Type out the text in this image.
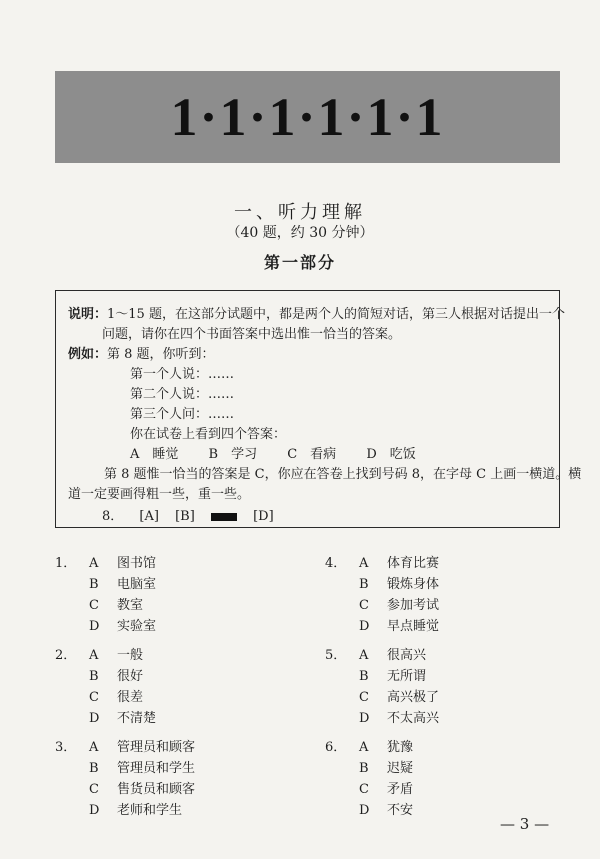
1·1·1·1·1·1
一、听力理解
（40 题，约 30 分钟）
第一部分
说明：1～15 题，在这部分试题中，都是两个人的简短对话，第三人根据对话提出一个
问题，请你在四个书面答案中选出惟一恰当的答案。
例如：第 8 题，你听到：
第一个人说：……
第二个人说：……
第三个人问：……
你在试卷上看到四个答案：
A　睡觉 B　学习 C　看病 D　吃饭
第 8 题惟一恰当的答案是 C，你应在答卷上找到号码 8，在字母 C 上画一横道。横
道一定要画得粗一些，重一些。
8． [A] [B]	[D]
1． A 图书馆
B 电脑室
C 教室
D 实验室
2． A 一般
B 很好
C 很差
D 不清楚
3． A 管理员和顾客
B 管理员和学生
C 售货员和顾客
D 老师和学生
4． A 体育比赛
B 锻炼身体
C 参加考试
D 早点睡觉
5． A 很高兴
B 无所谓
C 高兴极了
D 不太高兴
6． A 犹豫
B 迟疑
C 矛盾
D 不安
— 3 —
